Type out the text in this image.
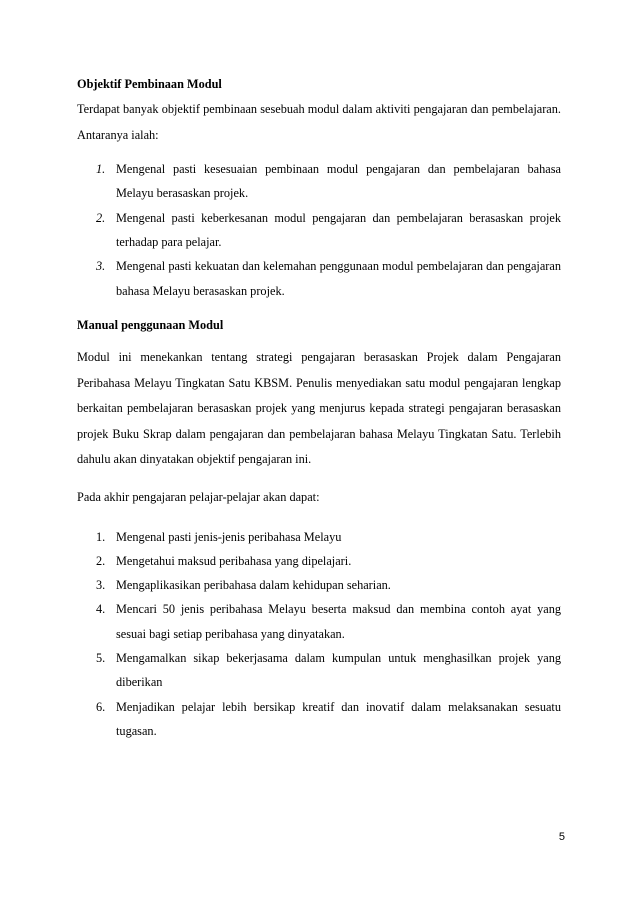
Objektif Pembinaan Modul

Terdapat banyak objektif pembinaan sesebuah modul dalam aktiviti pengajaran dan pembelajaran. Antaranya ialah:

1. Mengenal pasti kesesuaian pembinaan modul pengajaran dan pembelajaran bahasa Melayu berasaskan projek.
2. Mengenal pasti keberkesanan modul pengajaran dan pembelajaran berasaskan projek terhadap para pelajar.
3. Mengenal pasti kekuatan dan kelemahan penggunaan modul pembelajaran dan pengajaran bahasa Melayu berasaskan projek.

Manual penggunaan Modul

Modul ini menekankan tentang strategi pengajaran berasaskan Projek dalam Pengajaran Peribahasa Melayu Tingkatan Satu KBSM. Penulis menyediakan satu modul pengajaran lengkap berkaitan pembelajaran berasaskan projek yang menjurus kepada strategi pengajaran berasaskan projek Buku Skrap dalam pengajaran dan pembelajaran bahasa Melayu Tingkatan Satu. Terlebih dahulu akan dinyatakan objektif pengajaran ini.

Pada akhir pengajaran pelajar-pelajar akan dapat:

1. Mengenal pasti jenis-jenis peribahasa Melayu
2. Mengetahui maksud peribahasa yang dipelajari.
3. Mengaplikasikan peribahasa dalam kehidupan seharian.
4. Mencari 50 jenis peribahasa Melayu beserta maksud dan membina contoh ayat yang sesuai bagi setiap peribahasa yang dinyatakan.
5. Mengamalkan sikap bekerjasama dalam kumpulan untuk menghasilkan projek yang diberikan
6. Menjadikan pelajar lebih bersikap kreatif dan inovatif dalam melaksanakan sesuatu tugasan.
5
